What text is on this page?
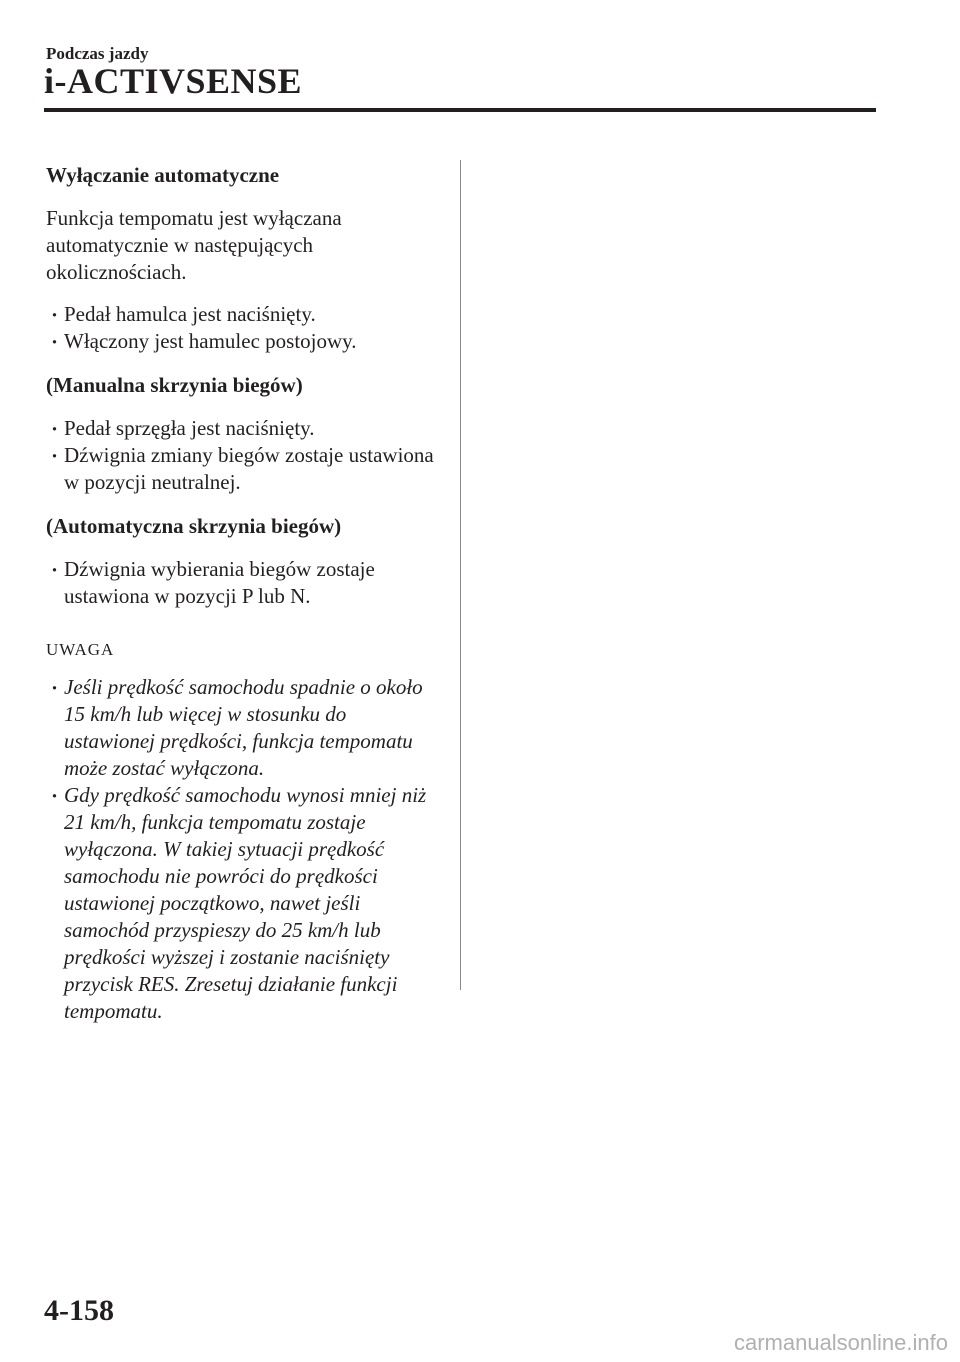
Podczas jazdy
i-ACTIVSENSE
Wyłączanie automatyczne
Funkcja tempomatu jest wyłączana automatycznie w następujących okolicznościach.
· Pedał hamulca jest naciśnięty.
· Włączony jest hamulec postojowy.
(Manualna skrzynia biegów)
· Pedał sprzęgła jest naciśnięty.
· Dźwignia zmiany biegów zostaje ustawiona w pozycji neutralnej.
(Automatyczna skrzynia biegów)
· Dźwignia wybierania biegów zostaje ustawiona w pozycji P lub N.
UWAGA
· Jeśli prędkość samochodu spadnie o około 15 km/h lub więcej w stosunku do ustawionej prędkości, funkcja tempomatu może zostać wyłączona.
· Gdy prędkość samochodu wynosi mniej niż 21 km/h, funkcja tempomatu zostaje wyłączona. W takiej sytuacji prędkość samochodu nie powróci do prędkości ustawionej początkowo, nawet jeśli samochód przyspieszy do 25 km/h lub prędkości wyższej i zostanie naciśnięty przycisk RES. Zresetuj działanie funkcji tempomatu.
4-158
carmanualsonline.info
